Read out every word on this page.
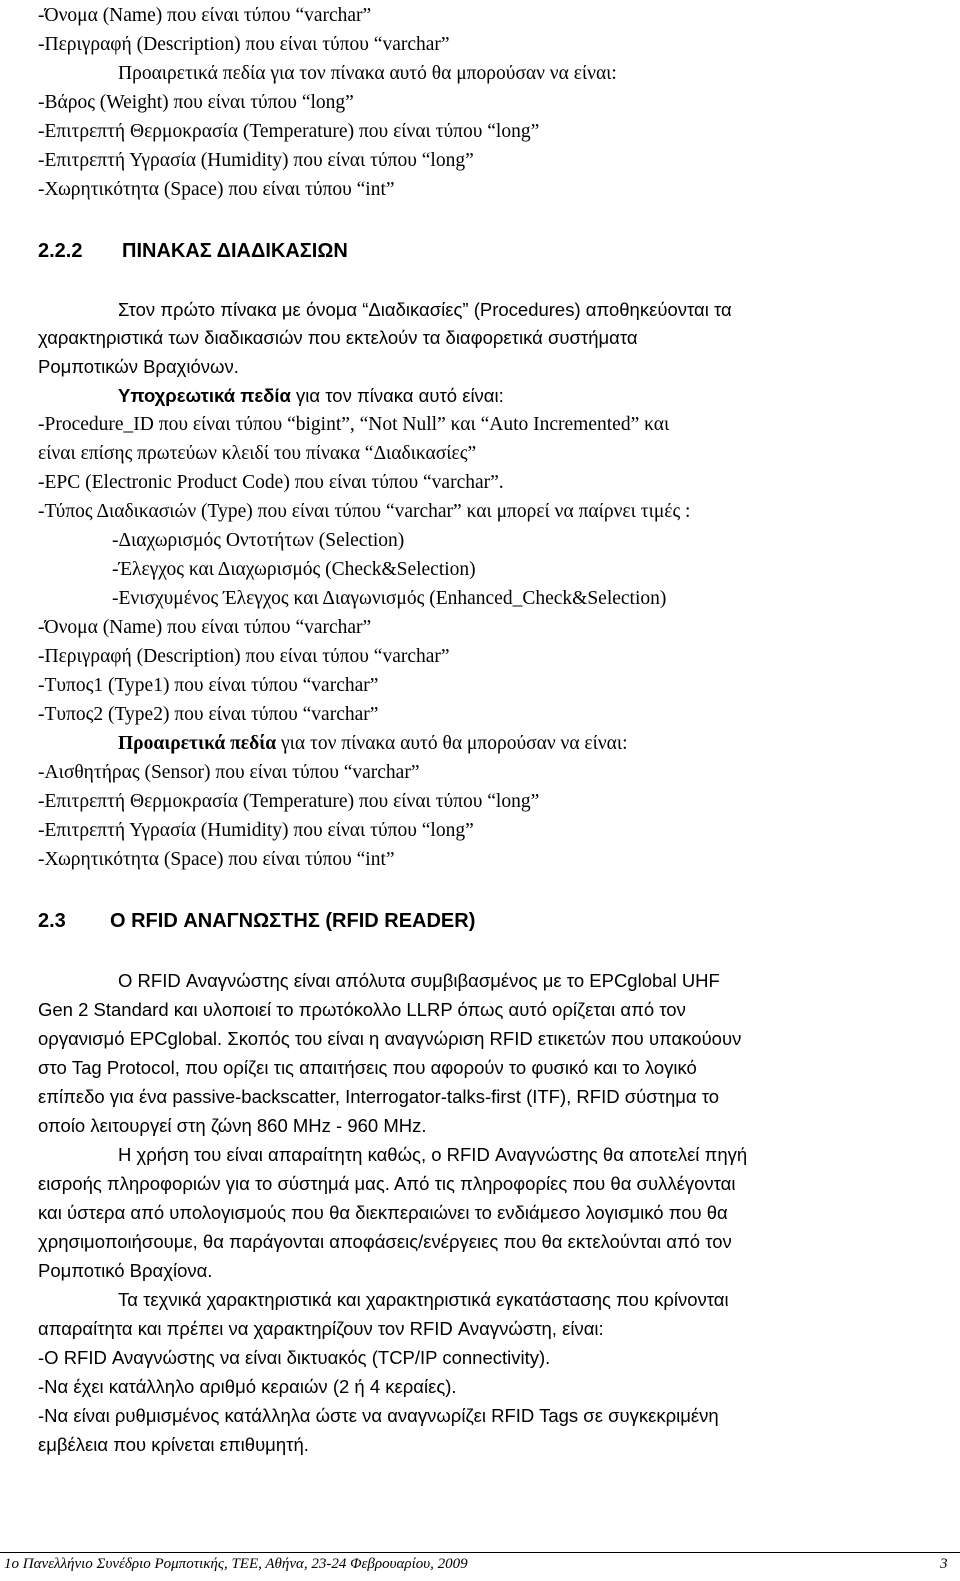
-Όνομα (Name) που είναι τύπου “varchar”
-Περιγραφή (Description) που είναι τύπου “varchar”
Προαιρετικά πεδία για τον πίνακα αυτό θα μπορούσαν να είναι:
-Βάρος (Weight) που είναι τύπου “long”
-Επιτρεπτή Θερμοκρασία (Temperature) που είναι τύπου “long”
-Επιτρεπτή Υγρασία (Humidity) που είναι τύπου “long”
-Χωρητικότητα (Space) που είναι τύπου “int”
2.2.2 ΠΙΝΑΚΑΣ ΔΙΑΔΙΚΑΣΙΩΝ
Στον πρώτο πίνακα με όνομα “Διαδικασίες” (Procedures) αποθηκεύονται τα
χαρακτηριστικά των διαδικασιών που εκτελούν τα διαφορετικά συστήματα
Ρομποτικών Βραχιόνων.
Υποχρεωτικά πεδία για τον πίνακα αυτό είναι:
-Procedure_ID που είναι τύπου “bigint”, “Not Null” και “Auto Incremented” και
είναι επίσης πρωτεύων κλειδί του πίνακα “Διαδικασίες”
-EPC (Electronic Product Code) που είναι τύπου “varchar”.
-Τύπος Διαδικασιών (Type) που είναι τύπου “varchar” και μπορεί να παίρνει τιμές :
-Διαχωρισμός Οντοτήτων (Selection)
-Έλεγχος και Διαχωρισμός (Check&Selection)
-Ενισχυμένος Έλεγχος και Διαγωνισμός (Enhanced_Check&Selection)
-Όνομα (Name) που είναι τύπου “varchar”
-Περιγραφή (Description) που είναι τύπου “varchar”
-Τυπος1 (Type1) που είναι τύπου “varchar”
-Τυπος2 (Type2) που είναι τύπου “varchar”
Προαιρετικά πεδία για τον πίνακα αυτό θα μπορούσαν να είναι:
-Αισθητήρας (Sensor) που είναι τύπου “varchar”
-Επιτρεπτή Θερμοκρασία (Temperature) που είναι τύπου “long”
-Επιτρεπτή Υγρασία (Humidity) που είναι τύπου “long”
-Χωρητικότητα (Space) που είναι τύπου “int”
2.3 Ο RFID ΑΝΑΓΝΩΣΤΗΣ (RFID READER)
Ο RFID Αναγνώστης είναι απόλυτα συμβιβασμένος με το EPCglobal UHF
Gen 2 Standard και υλοποιεί το πρωτόκολλο LLRP όπως αυτό ορίζεται από τον
οργανισμό EPCglobal. Σκοπός του είναι η αναγνώριση RFID ετικετών που υπακούουν
στο Tag Protocol, που ορίζει τις απαιτήσεις που αφορούν το φυσικό και το λογικό
επίπεδο για ένα passive-backscatter, Interrogator-talks-first (ITF), RFID σύστημα το
οποίο λειτουργεί στη ζώνη 860 MHz - 960 MHz.
Η χρήση του είναι απαραίτητη καθώς, ο RFID Αναγνώστης θα αποτελεί πηγή
εισροής πληροφοριών για το σύστημά μας. Από τις πληροφορίες που θα συλλέγονται
και ύστερα από υπολογισμούς που θα διεκπεραιώνει το ενδιάμεσο λογισμικό που θα
χρησιμοποιήσουμε, θα παράγονται αποφάσεις/ενέργειες που θα εκτελούνται από τον
Ρομποτικό Βραχίονα.
Τα τεχνικά χαρακτηριστικά και χαρακτηριστικά εγκατάστασης που κρίνονται
απαραίτητα και πρέπει να χαρακτηρίζουν τον RFID Αναγνώστη, είναι:
-Ο RFID Αναγνώστης να είναι δικτυακός (TCP/IP connectivity).
-Να έχει κατάλληλο αριθμό κεραιών (2 ή 4 κεραίες).
-Να είναι ρυθμισμένος κατάλληλα ώστε να αναγνωρίζει RFID Tags σε συγκεκριμένη
εμβέλεια που κρίνεται επιθυμητή.
1ο Πανελλήνιο Συνέδριο Ρομποτικής, ΤΕΕ, Αθήνα, 23-24 Φεβρουαρίου, 2009	3
